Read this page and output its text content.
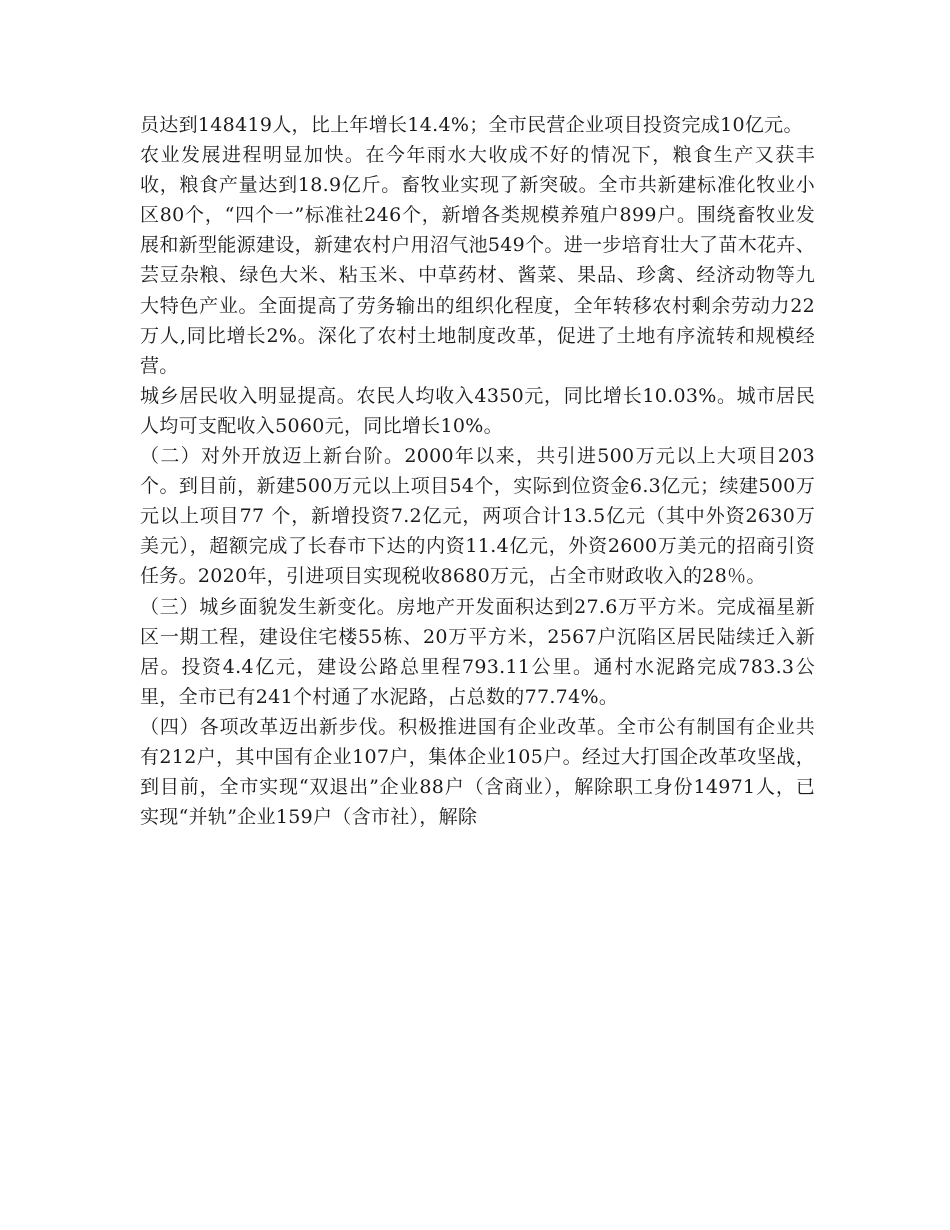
员达到148419人，比上年增长14.4%；全市民营企业项目投资完成10亿元。

农业发展进程明显加快。在今年雨水大收成不好的情况下，粮食生产又获丰收，粮食产量达到18.9亿斤。畜牧业实现了新突破。全市共新建标准化牧业小区80个，“四个一”标准社246个，新增各类规模养殖户899户。围绕畜牧业发展和新型能源建设，新建农村户用沼气池549个。进一步培育壮大了苗木花卉、芸豆杂粮、绿色大米、粘玉米、中草药材、酱菜、果品、珍禽、经济动物等九大特色产业。全面提高了劳务输出的组织化程度，全年转移农村剩余劳动力22万人,同比增长2%。深化了农村土地制度改革，促进了土地有序流转和规模经营。

城乡居民收入明显提高。农民人均收入4350元，同比增长10.03%。城市居民人均可支配收入5060元，同比增长10%。

（二）对外开放迈上新台阶。2000年以来，共引进500万元以上大项目203个。到目前，新建500万元以上项目54个，实际到位资金6.3亿元；续建500万元以上项目77 个，新增投资7.2亿元，两项合计13.5亿元（其中外资2630万美元），超额完成了长春市下达的内资11.4亿元，外资2600万美元的招商引资任务。2020年，引进项目实现税收8680万元，占全市财政收入的28％。

（三）城乡面貌发生新变化。房地产开发面积达到27.6万平方米。完成福星新区一期工程，建设住宅楼55栋、20万平方米，2567户沉陷区居民陆续迁入新居。投资4.4亿元，建设公路总里程793.11公里。通村水泥路完成783.3公里，全市已有241个村通了水泥路，占总数的77.74%。

（四）各项改革迈出新步伐。积极推进国有企业改革。全市公有制国有企业共有212户，其中国有企业107户，集体企业105户。经过大打国企改革攻坚战，到目前，全市实现“双退出”企业88户（含商业），解除职工身份14971人，已实现“并轨”企业159户（含市社），解除
